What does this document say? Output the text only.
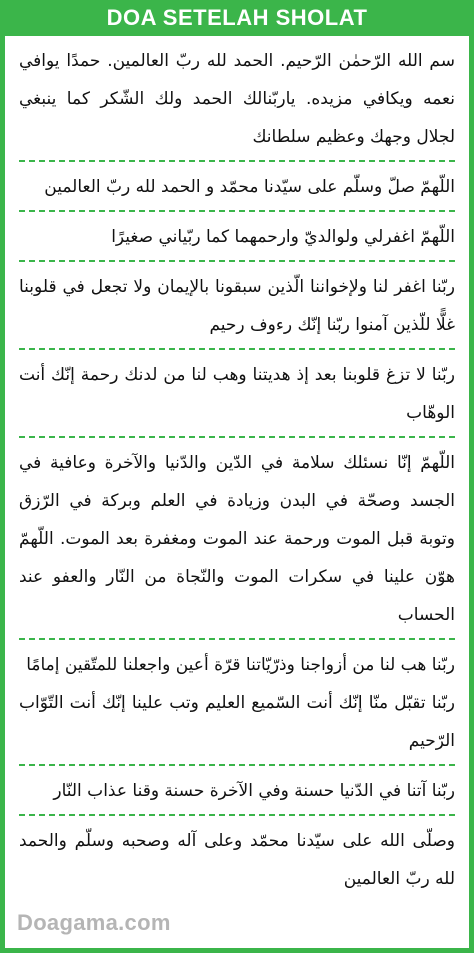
DOA SETELAH SHOLAT

سم الله الرّحمٰن الرّحيم. الحمد لله ربّ العالمين. حمدًا يوافي نعمه ويكافي مزيده. ياربّنالك الحمد ولك الشّكر كما ينبغي لجلال وجهك وعظيم سلطانك

اللّهمّ صلّ وسلّم على سيّدنا محمّد و الحمد لله ربّ العالمين

اللّهمّ اغفرلي ولوالديّ وارحمهما كما ربّياني صغيرًا

ربّنا اغفر لنا ولإخواننا الّذين سبقونا بالإيمان ولا تجعل في قلوبنا غلًّا للّذين آمنوا ربّنا إنّك رءوف رحيم

ربّنا لا تزغ قلوبنا بعد إذ هديتنا وهب لنا من لدنك رحمة إنّك أنت الوهّاب

اللّهمّ إنّا نسئلك سلامة في الدّين والدّنيا والآخرة وعافية في الجسد وصحّة في البدن وزيادة في العلم وبركة في الرّزق وتوبة قبل الموت ورحمة عند الموت ومغفرة بعد الموت. اللّهمّ هوّن علينا في سكرات الموت والنّجاة من النّار والعفو عند الحساب

ربّنا هب لنا من أزواجنا وذرّيّاتنا قرّة أعين واجعلنا للمتّقين إمامًا

ربّنا تقبّل منّا إنّك أنت السّميع العليم وتب علينا إنّك أنت التّوّاب الرّحيم

ربّنا آتنا في الدّنيا حسنة وفي الآخرة حسنة وقنا عذاب النّار

وصلّى الله على سيّدنا محمّد وعلى آله وصحبه وسلّم والحمد لله ربّ العالمين

Doagama.com
